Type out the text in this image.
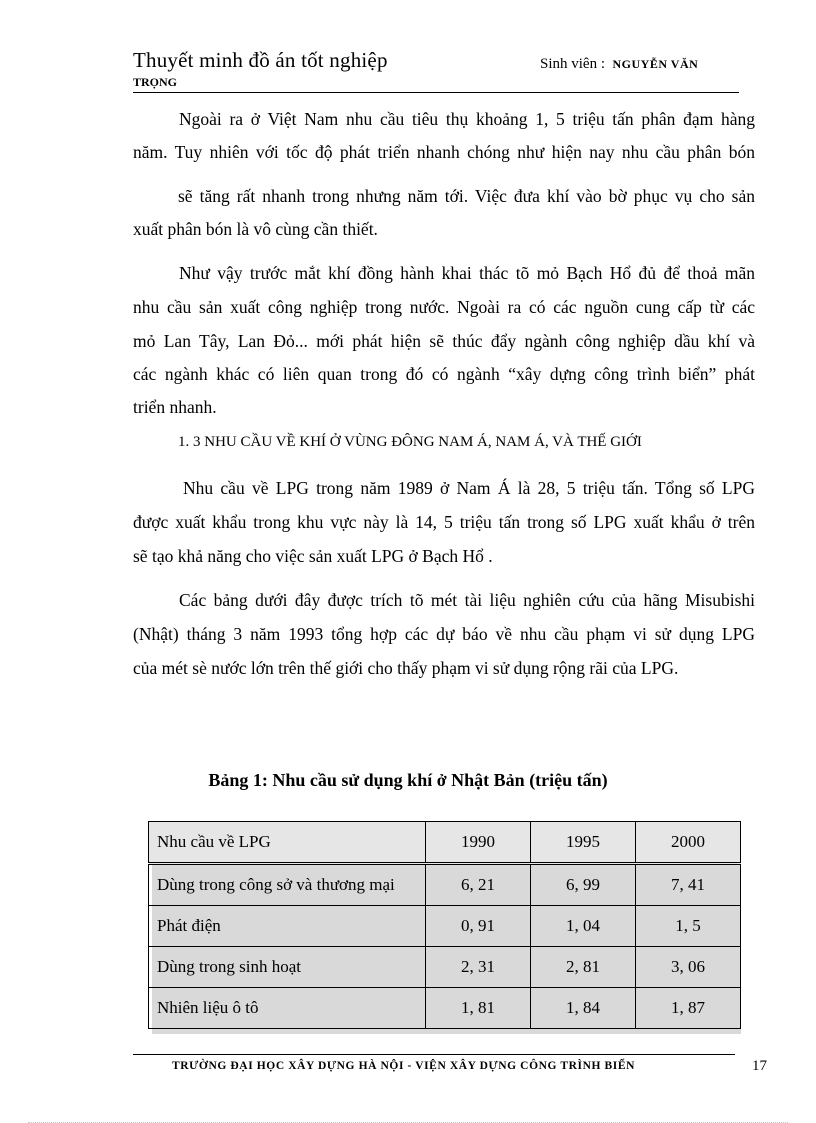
Thuyết minh đồ án tốt nghiệp	Sinh viên : NGUYỄN VĂN
TRỌNG

Ngoài ra ở Việt Nam nhu cầu tiêu thụ khoảng 1, 5 triệu tấn phân đạm hàng

năm. Tuy nhiên với tốc độ phát triển nhanh chóng như hiện nay nhu cầu phân bón

sẽ tăng rất nhanh trong nhưng năm tới. Việc đưa khí vào bờ phục vụ cho sản

xuất phân bón là vô cùng cần thiết.

Như vậy trước mắt khí đồng hành khai thác tõ mỏ Bạch Hổ đủ để thoả mãn

nhu cầu sản xuất công nghiệp trong nước. Ngoài ra có các nguồn cung cấp từ các

mỏ Lan Tây, Lan Đỏ... mới phát hiện sẽ thúc đẩy ngành công nghiệp dầu khí và

các ngành khác có liên quan trong đó có ngành “xây dựng công trình biển” phát

triển nhanh.

1. 3 NHU CẦU VỀ KHÍ Ở VÙNG ĐÔNG NAM Á, NAM Á, VÀ THẾ GIỚI

Nhu cầu về LPG trong năm 1989 ở Nam Á là 28, 5 triệu tấn. Tổng số LPG

được xuất khẩu trong khu vực này là 14, 5 triệu tấn trong số LPG xuất khẩu ở trên

sẽ tạo khả năng cho việc sản xuất LPG ở Bạch Hổ .

Các bảng dưới đây được trích tõ mét tài liệu nghiên cứu của hãng Misubishi

(Nhật) tháng 3 năm 1993 tổng hợp các dự báo về nhu cầu phạm vi sử dụng LPG

của mét sè nước lớn trên thế giới cho thấy phạm vi sử dụng rộng rãi của LPG.

Bảng 1: Nhu cầu sử dụng khí ở Nhật Bản (triệu tấn)

Nhu cầu về LPG	1990	1995	2000
Dùng trong công sở và thương mại	6, 21	6, 99	7, 41
Phát điện	0, 91	1, 04	1, 5
Dùng trong sinh hoạt	2, 31	2, 81	3, 06
Nhiên liệu ô tô	1, 81	1, 84	1, 87
TRƯỜNG ĐẠI HỌC XÂY DỰNG HÀ NỘI - VIỆN XÂY DỰNG CÔNG TRÌNH BIỂN	17
